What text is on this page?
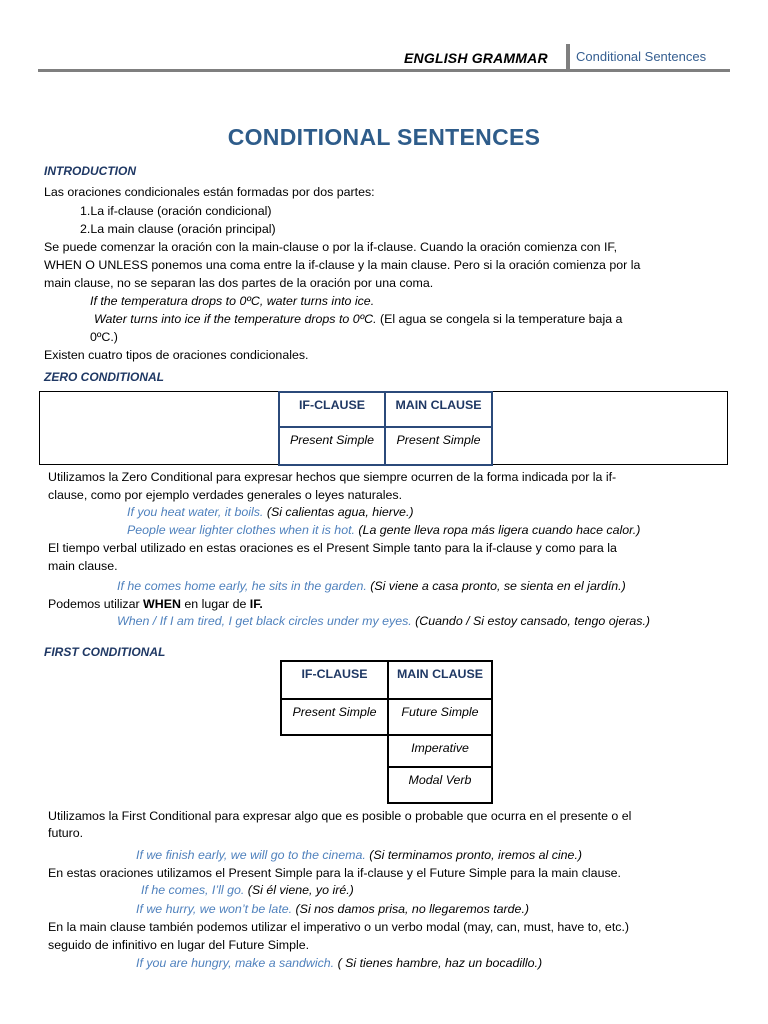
ENGLISH GRAMMAR Conditional Sentences
CONDITIONAL SENTENCES
INTRODUCTION
Las oraciones condicionales están formadas por dos partes:
1.La if-clause (oración condicional)
2.La main clause (oración principal)
Se puede comenzar la oración con la main-clause o por la if-clause. Cuando la oración comienza con IF,
WHEN O UNLESS ponemos una coma entre la if-clause y la main clause. Pero si la oración comienza por la
main clause, no se separan las dos partes de la oración por una coma.
If the temperatura drops to 0ºC, water turns into ice.
Water turns into ice if the temperature drops to 0ºC. (El agua se congela si la temperature baja a
0ºC.)
Existen cuatro tipos de oraciones condicionales.
ZERO CONDITIONAL
IF-CLAUSE	MAIN CLAUSE
Present Simple	Present Simple
Utilizamos la Zero Conditional para expresar hechos que siempre ocurren de la forma indicada por la if-
clause, como por ejemplo verdades generales o leyes naturales.
If you heat water, it boils. (Si calientas agua, hierve.)
People wear lighter clothes when it is hot. (La gente lleva ropa más ligera cuando hace calor.)
El tiempo verbal utilizado en estas oraciones es el Present Simple tanto para la if-clause y como para la
main clause.
If he comes home early, he sits in the garden. (Si viene a casa pronto, se sienta en el jardín.)
Podemos utilizar WHEN en lugar de IF.
When / If I am tired, I get black circles under my eyes. (Cuando / Si estoy cansado, tengo ojeras.)
FIRST CONDITIONAL
IF-CLAUSE	MAIN CLAUSE
Present Simple	Future Simple
	Imperative
	Modal Verb
Utilizamos la First Conditional para expresar algo que es posible o probable que ocurra en el presente o el
futuro.
If we finish early, we will go to the cinema. (Si terminamos pronto, iremos al cine.)
En estas oraciones utilizamos el Present Simple para la if-clause y el Future Simple para la main clause.
If he comes, I’ll go. (Si él viene, yo iré.)
If we hurry, we won’t be late. (Si nos damos prisa, no llegaremos tarde.)
En la main clause también podemos utilizar el imperativo o un verbo modal (may, can, must, have to, etc.)
seguido de infinitivo en lugar del Future Simple.
If you are hungry, make a sandwich. ( Si tienes hambre, haz un bocadillo.)
